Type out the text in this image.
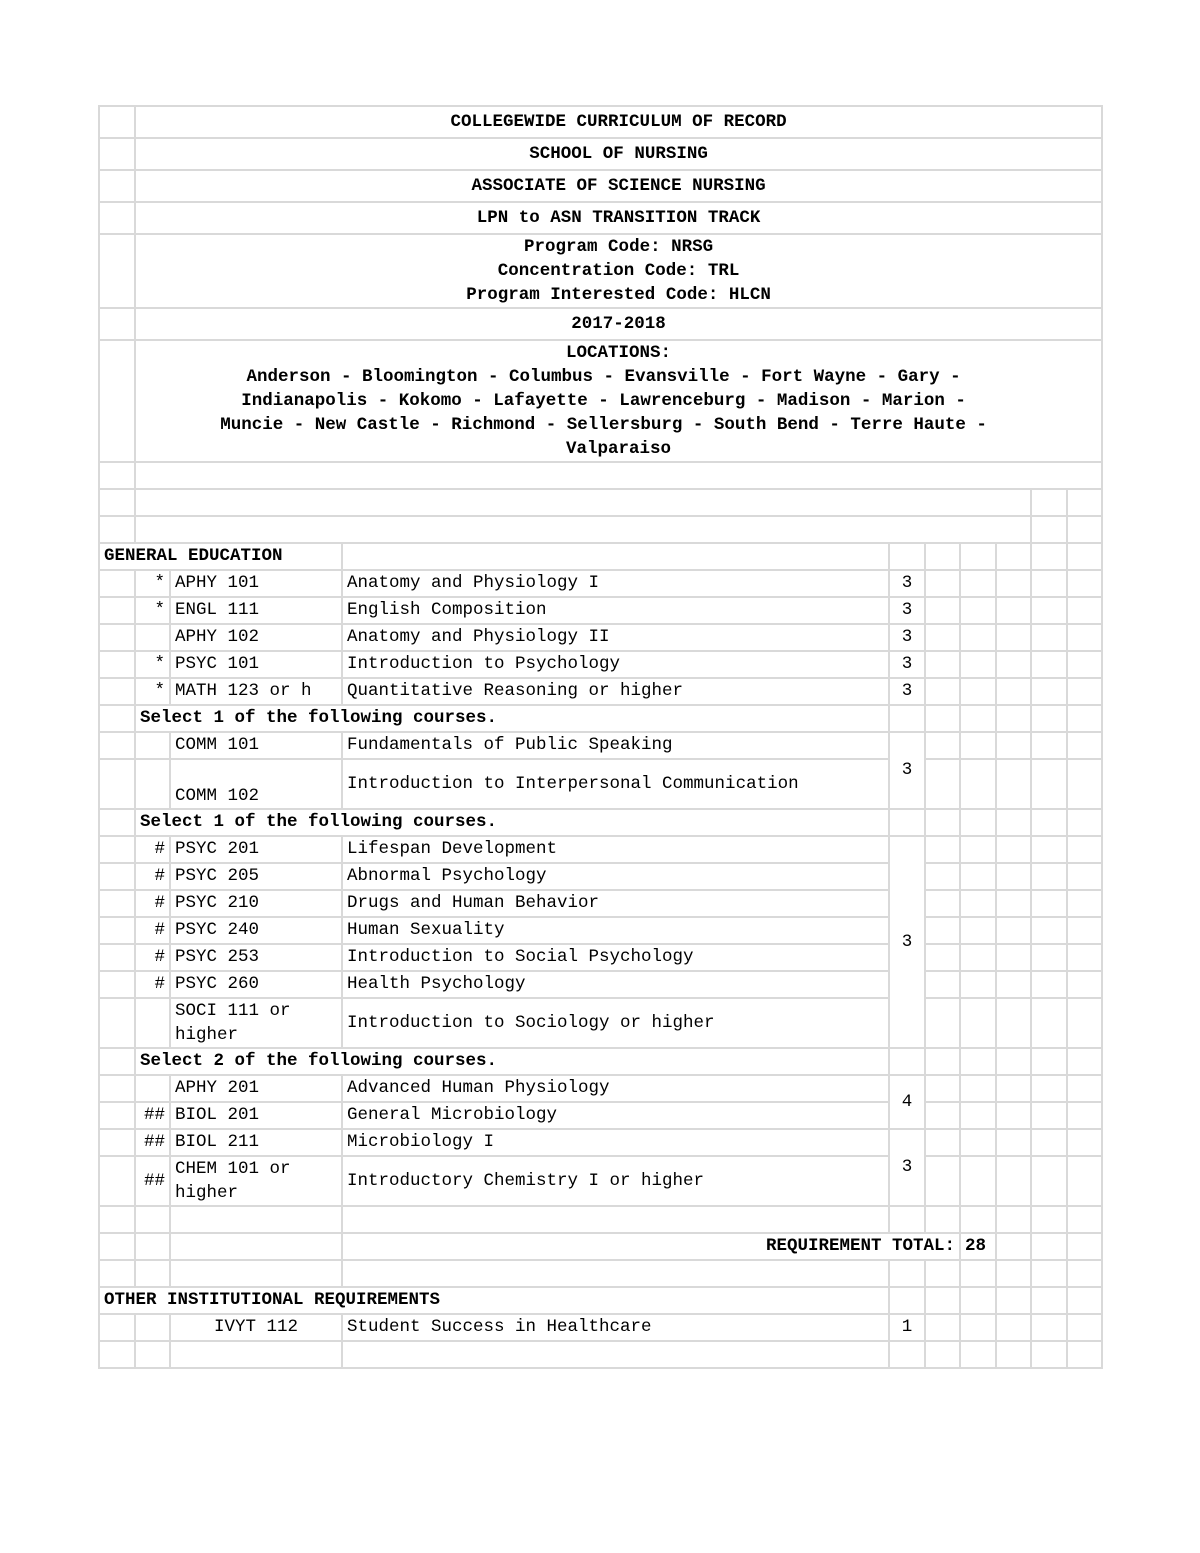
	COLLEGEWIDE CURRICULUM OF RECORD								
	SCHOOL OF NURSING								
	ASSOCIATE OF SCIENCE NURSING								
	LPN to ASN TRANSITION TRACK								

	Program Code: NRSG
Concentration Code: TRL
Program Interested Code: HLCN								

	2017-2018								

	LOCATIONS:
Anderson - Bloomington - Columbus - Evansville - Fort Wayne - Gary -
Indianapolis - Kokomo - Lafayette - Lawrenceburg - Madison - Marion -
Muncie - New Castle - Richmond - Sellersburg - South Bend - Terre Haute -
Valparaiso								

GENERAL EDUCATION									
	*	APHY 101	Anatomy and Physiology I	3					
	*	ENGL 111	English Composition	3					
		APHY 102	Anatomy and Physiology II	3					
	*	PSYC 101	Introduction to Psychology	3					
	*	MATH 123 or h	Quantitative Reasoning or higher	3					
	Select 1 of the following courses.								
		COMM 101	Fundamentals of Public Speaking	3					
		COMM 102	Introduction to Interpersonal Communication						
	Select 1 of the following courses.								
	#	PSYC 201	Lifespan Development	3					
	#	PSYC 205	Abnormal Psychology						
	#	PSYC 210	Drugs and Human Behavior						
	#	PSYC 240	Human Sexuality						
	#	PSYC 253	Introduction to Social Psychology						
	#	PSYC 260	Health Psychology						
		SOCI 111 or higher	Introduction to Sociology or higher						
	Select 2 of the following courses.								
		APHY 201	Advanced Human Physiology	4					
	##	BIOL 201	General Microbiology						
	##	BIOL 211	Microbiology I	3					
	##	CHEM 101 or higher	Introductory Chemistry I or higher						

			REQUIREMENT TOTAL:			28			

OTHER INSTITUTIONAL REQUIREMENTS									
		IVYT 112	Student Success in Healthcare	1					
